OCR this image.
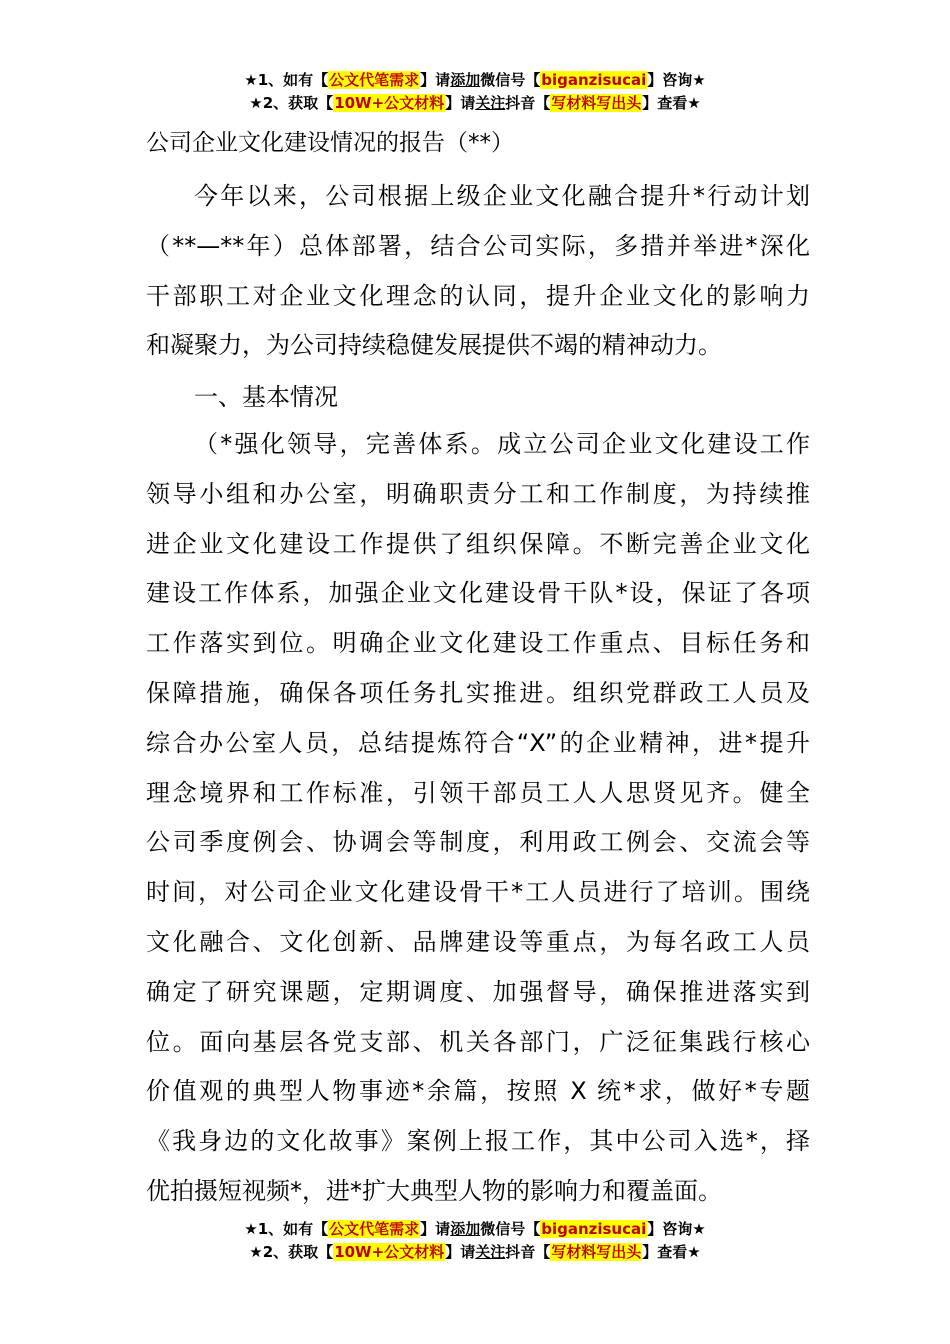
★1、如有【公文代笔需求】请添加微信号【biganzisucai】咨询★
★2、获取【10W+公文材料】请关注抖音【写材料写出头】查看★
公司企业文化建设情况的报告（**）
今年以来，公司根据上级企业文化融合提升*行动计划
（**—**年）总体部署，结合公司实际，多措并举进*深化
干部职工对企业文化理念的认同，提升企业文化的影响力
和凝聚力，为公司持续稳健发展提供不竭的精神动力。
一、基本情况
（*强化领导，完善体系。成立公司企业文化建设工作
领导小组和办公室，明确职责分工和工作制度，为持续推
进企业文化建设工作提供了组织保障。不断完善企业文化
建设工作体系，加强企业文化建设骨干队*设，保证了各项
工作落实到位。明确企业文化建设工作重点、目标任务和
保障措施，确保各项任务扎实推进。组织党群政工人员及
综合办公室人员，总结提炼符合“X”的企业精神，进*提升
理念境界和工作标准，引领干部员工人人思贤见齐。健全
公司季度例会、协调会等制度，利用政工例会、交流会等
时间，对公司企业文化建设骨干*工人员进行了培训。围绕
文化融合、文化创新、品牌建设等重点，为每名政工人员
确定了研究课题，定期调度、加强督导，确保推进落实到
位。面向基层各党支部、机关各部门，广泛征集践行核心
价值观的典型人物事迹*余篇，按照 X 统*求，做好*专题
《我身边的文化故事》案例上报工作，其中公司入选*，择
优拍摄短视频*，进*扩大典型人物的影响力和覆盖面。
★1、如有【公文代笔需求】请添加微信号【biganzisucai】咨询★
★2、获取【10W+公文材料】请关注抖音【写材料写出头】查看★
